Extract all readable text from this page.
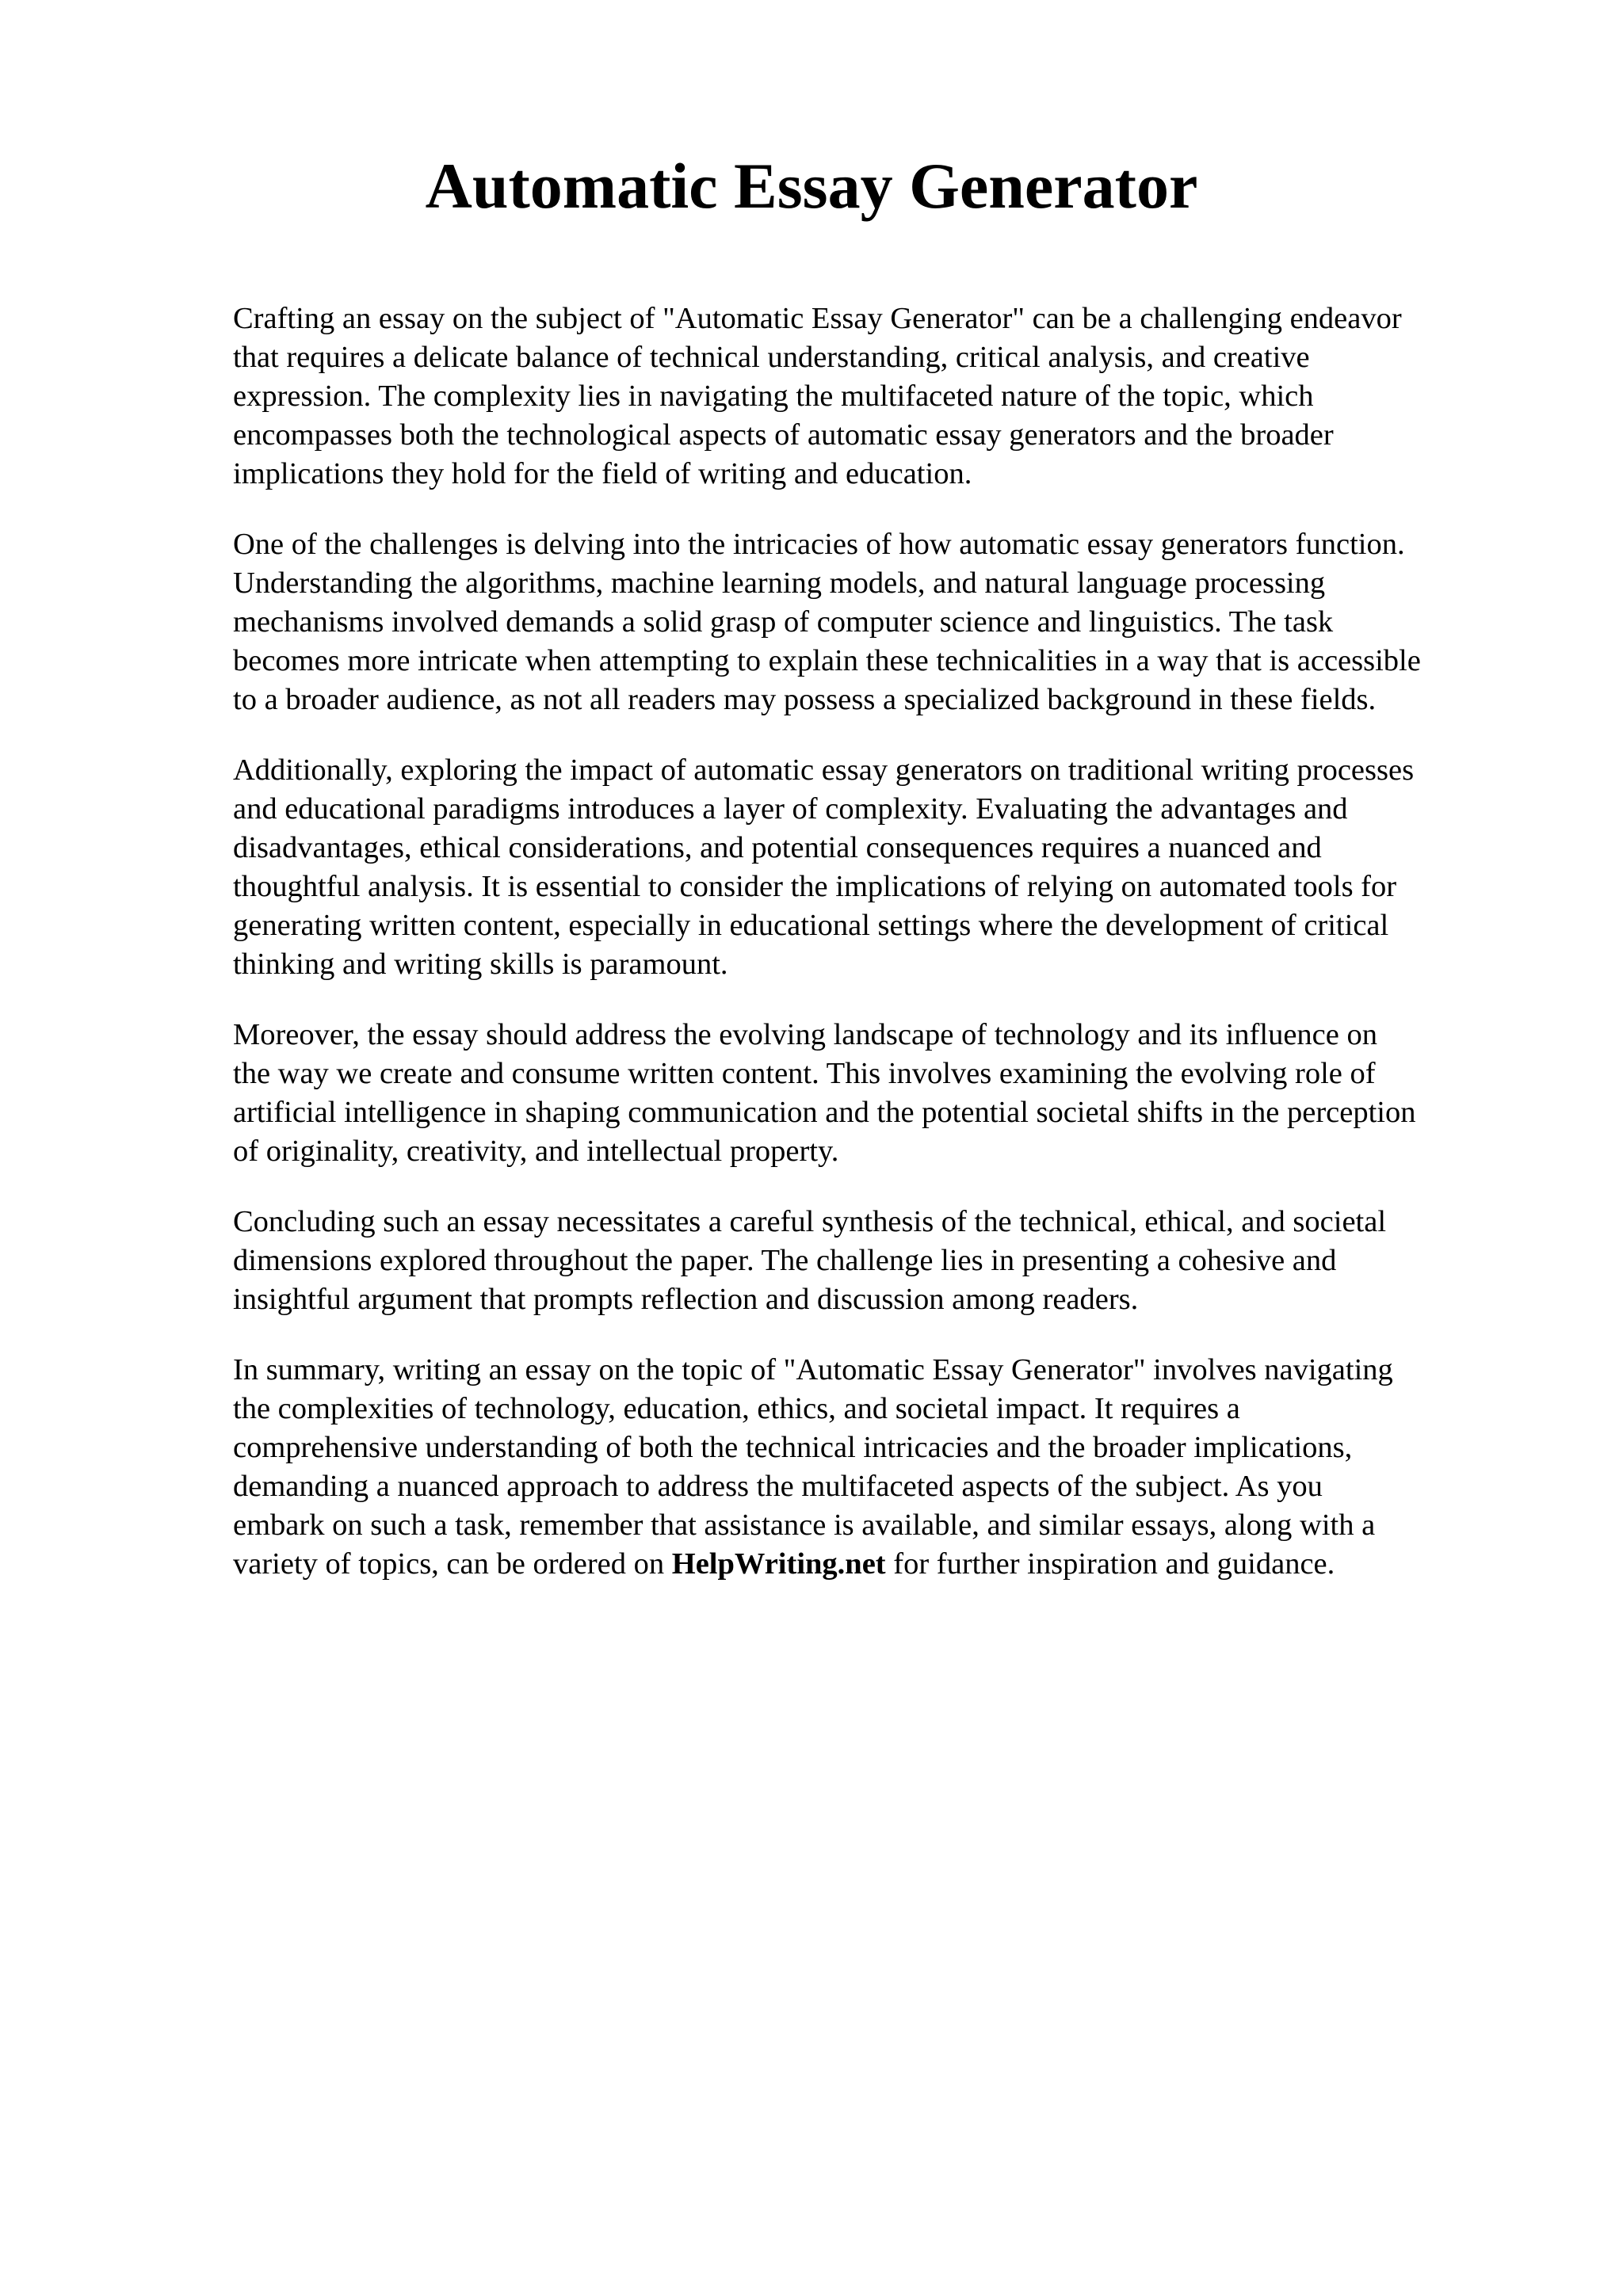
Automatic Essay Generator

Crafting an essay on the subject of "Automatic Essay Generator" can be a challenging endeavor
that requires a delicate balance of technical understanding, critical analysis, and creative
expression. The complexity lies in navigating the multifaceted nature of the topic, which
encompasses both the technological aspects of automatic essay generators and the broader
implications they hold for the field of writing and education.

One of the challenges is delving into the intricacies of how automatic essay generators function.
Understanding the algorithms, machine learning models, and natural language processing
mechanisms involved demands a solid grasp of computer science and linguistics. The task
becomes more intricate when attempting to explain these technicalities in a way that is accessible
to a broader audience, as not all readers may possess a specialized background in these fields.

Additionally, exploring the impact of automatic essay generators on traditional writing processes
and educational paradigms introduces a layer of complexity. Evaluating the advantages and
disadvantages, ethical considerations, and potential consequences requires a nuanced and
thoughtful analysis. It is essential to consider the implications of relying on automated tools for
generating written content, especially in educational settings where the development of critical
thinking and writing skills is paramount.

Moreover, the essay should address the evolving landscape of technology and its influence on
the way we create and consume written content. This involves examining the evolving role of
artificial intelligence in shaping communication and the potential societal shifts in the perception
of originality, creativity, and intellectual property.

Concluding such an essay necessitates a careful synthesis of the technical, ethical, and societal
dimensions explored throughout the paper. The challenge lies in presenting a cohesive and
insightful argument that prompts reflection and discussion among readers.

In summary, writing an essay on the topic of "Automatic Essay Generator" involves navigating
the complexities of technology, education, ethics, and societal impact. It requires a
comprehensive understanding of both the technical intricacies and the broader implications,
demanding a nuanced approach to address the multifaceted aspects of the subject. As you
embark on such a task, remember that assistance is available, and similar essays, along with a
variety of topics, can be ordered on HelpWriting.net for further inspiration and guidance.
